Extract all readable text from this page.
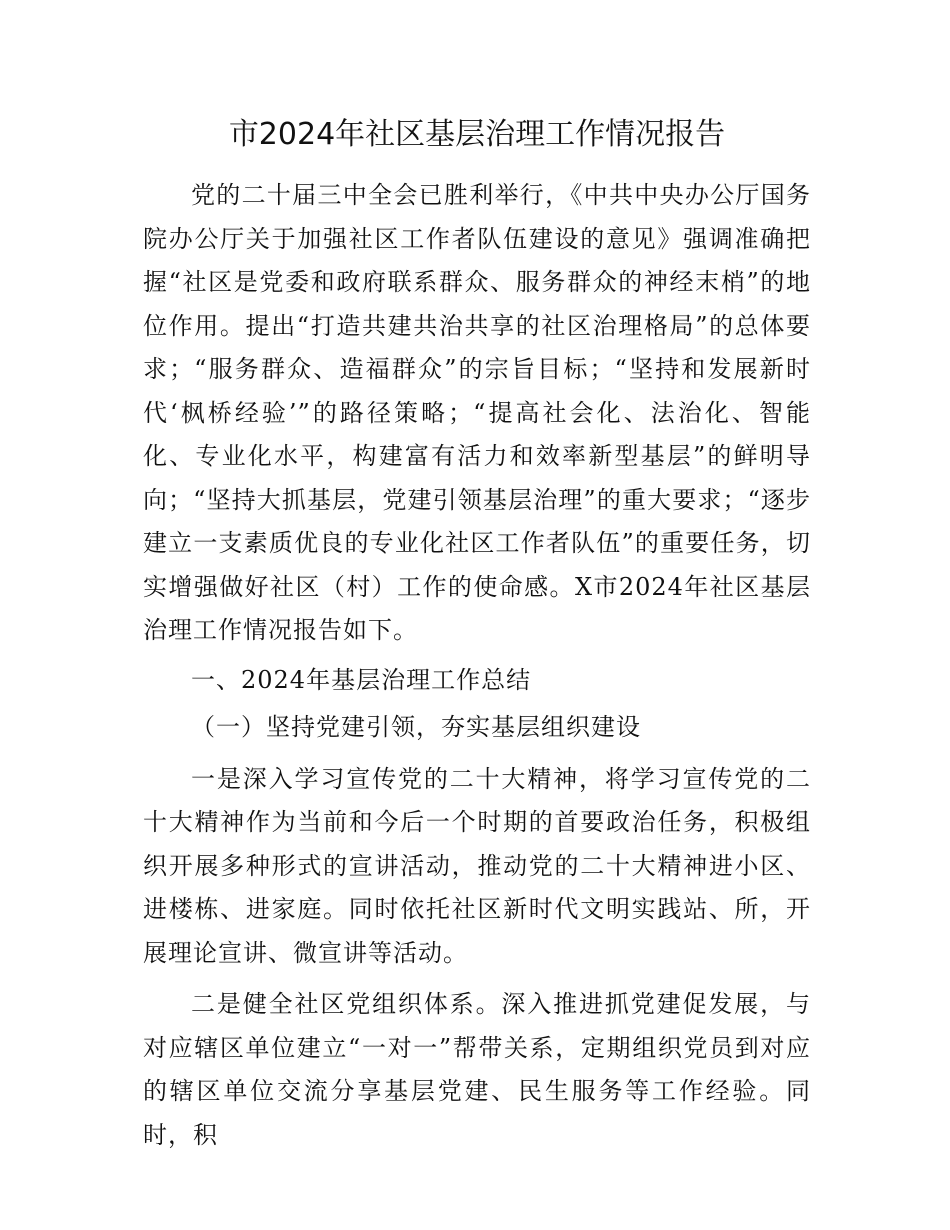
市2024年社区基层治理工作情况报告

党的二十届三中全会已胜利举行，《中共中央办公厅国务院办公厅关于加强社区工作者队伍建设的意见》强调准确把握“社区是党委和政府联系群众、服务群众的神经末梢”的地位作用。提出“打造共建共治共享的社区治理格局”的总体要求；“服务群众、造福群众”的宗旨目标；“坚持和发展新时代‘枫桥经验’”的路径策略；“提高社会化、法治化、智能化、专业化水平，构建富有活力和效率新型基层”的鲜明导向；“坚持大抓基层，党建引领基层治理”的重大要求；“逐步建立一支素质优良的专业化社区工作者队伍”的重要任务，切实增强做好社区（村）工作的使命感。X市2024年社区基层治理工作情况报告如下。

一、2024年基层治理工作总结

（一）坚持党建引领，夯实基层组织建设

一是深入学习宣传党的二十大精神，将学习宣传党的二十大精神作为当前和今后一个时期的首要政治任务，积极组织开展多种形式的宣讲活动，推动党的二十大精神进小区、进楼栋、进家庭。同时依托社区新时代文明实践站、所，开展理论宣讲、微宣讲等活动。

二是健全社区党组织体系。深入推进抓党建促发展，与对应辖区单位建立“一对一”帮带关系，定期组织党员到对应的辖区单位交流分享基层党建、民生服务等工作经验。同时，积
